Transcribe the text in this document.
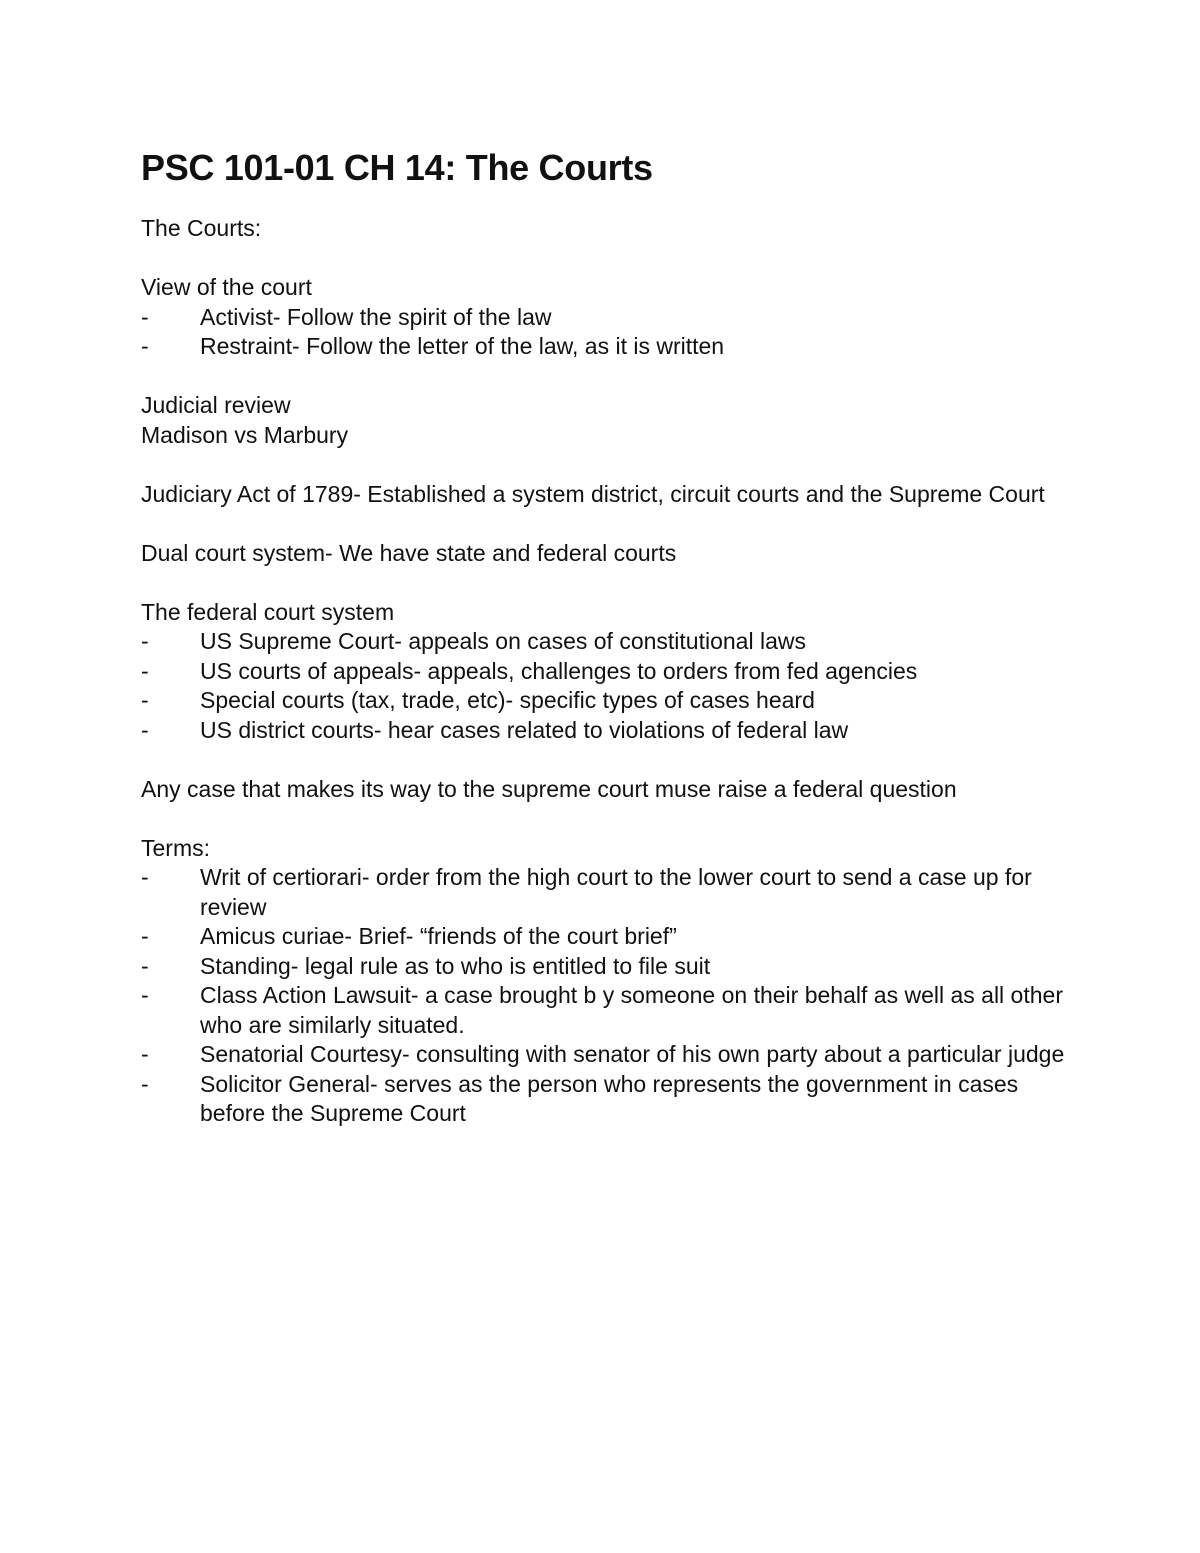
PSC 101-01 CH 14: The Courts

The Courts:

View of the court

- Activist- Follow the spirit of the law
- Restraint- Follow the letter of the law, as it is written

Judicial review

Madison vs Marbury

Judiciary Act of 1789- Established a system district, circuit courts and the Supreme Court

Dual court system- We have state and federal courts

The federal court system

- US Supreme Court- appeals on cases of constitutional laws
- US courts of appeals- appeals, challenges to orders from fed agencies
- Special courts (tax, trade, etc)- specific types of cases heard
- US district courts- hear cases related to violations of federal law

Any case that makes its way to the supreme court muse raise a federal question

Terms:

- Writ of certiorari- order from the high court to the lower court to send a case up for review
- Amicus curiae- Brief- “friends of the court brief”
- Standing- legal rule as to who is entitled to file suit
- Class Action Lawsuit- a case brought b y someone on their behalf as well as all other who are similarly situated.
- Senatorial Courtesy- consulting with senator of his own party about a particular judge
- Solicitor General- serves as the person who represents the government in cases before the Supreme Court
